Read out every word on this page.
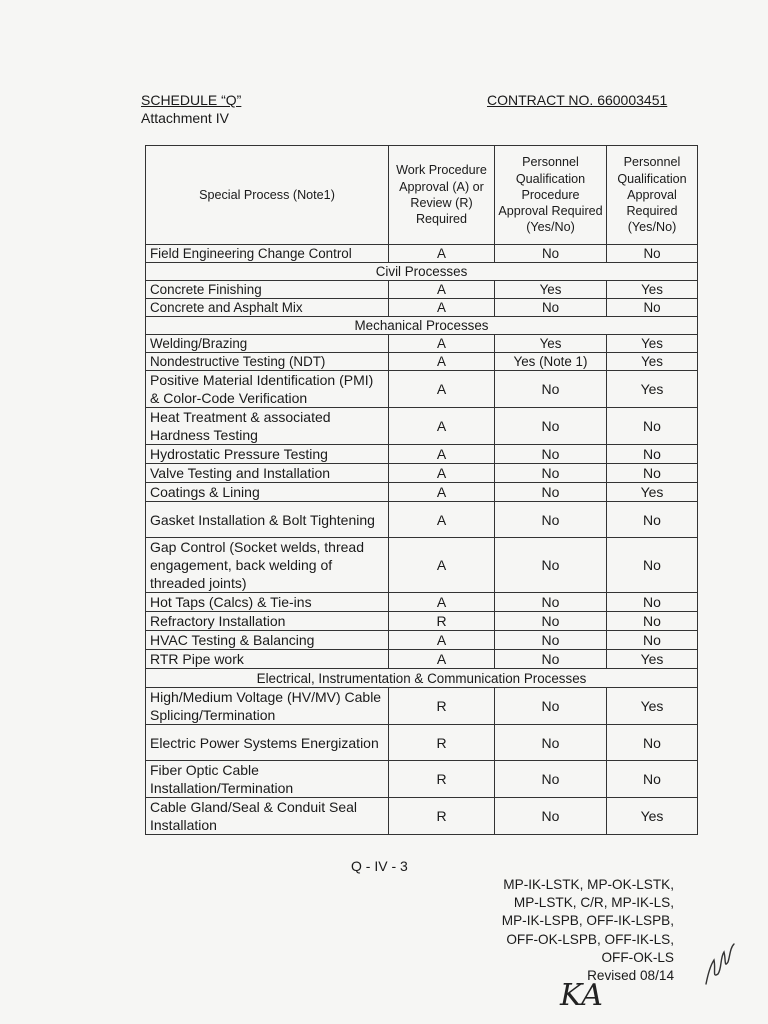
SCHEDULE “Q”
Attachment IV
CONTRACT NO. 660003451
Special Process (Note1)	Work Procedure Approval (A) or Review (R) Required	Personnel Qualification Procedure Approval Required (Yes/No)	Personnel Qualification Approval Required (Yes/No)
Field Engineering Change Control	A	No	No
Civil Processes			
Concrete Finishing	A	Yes	Yes
Concrete and Asphalt Mix	A	No	No
Mechanical Processes			
Welding/Brazing	A	Yes	Yes
Nondestructive Testing (NDT)	A	Yes (Note 1)	Yes
Positive Material Identification (PMI) & Color-Code Verification	A	No	Yes
Heat Treatment & associated Hardness Testing	A	No	No
Hydrostatic Pressure Testing	A	No	No
Valve Testing and Installation	A	No	No
Coatings & Lining	A	No	Yes
Gasket Installation & Bolt Tightening	A	No	No
Gap Control (Socket welds, thread engagement, back welding of threaded joints)	A	No	No
Hot Taps (Calcs) & Tie-ins	A	No	No
Refractory Installation	R	No	No
HVAC Testing & Balancing	A	No	No
RTR Pipe work	A	No	Yes
Electrical, Instrumentation & Communication Processes			
High/Medium Voltage (HV/MV) Cable Splicing/Termination	R	No	Yes
Electric Power Systems Energization	R	No	No
Fiber Optic Cable Installation/Termination	R	No	No
Cable Gland/Seal & Conduit Seal Installation	R	No	Yes
Q - IV - 3
MP-IK-LSTK, MP-OK-LSTK,
MP-LSTK, C/R, MP-IK-LS,
MP-IK-LSPB, OFF-IK-LSPB,
OFF-OK-LSPB, OFF-IK-LS,
OFF-OK-LS
Revised 08/14
KA
